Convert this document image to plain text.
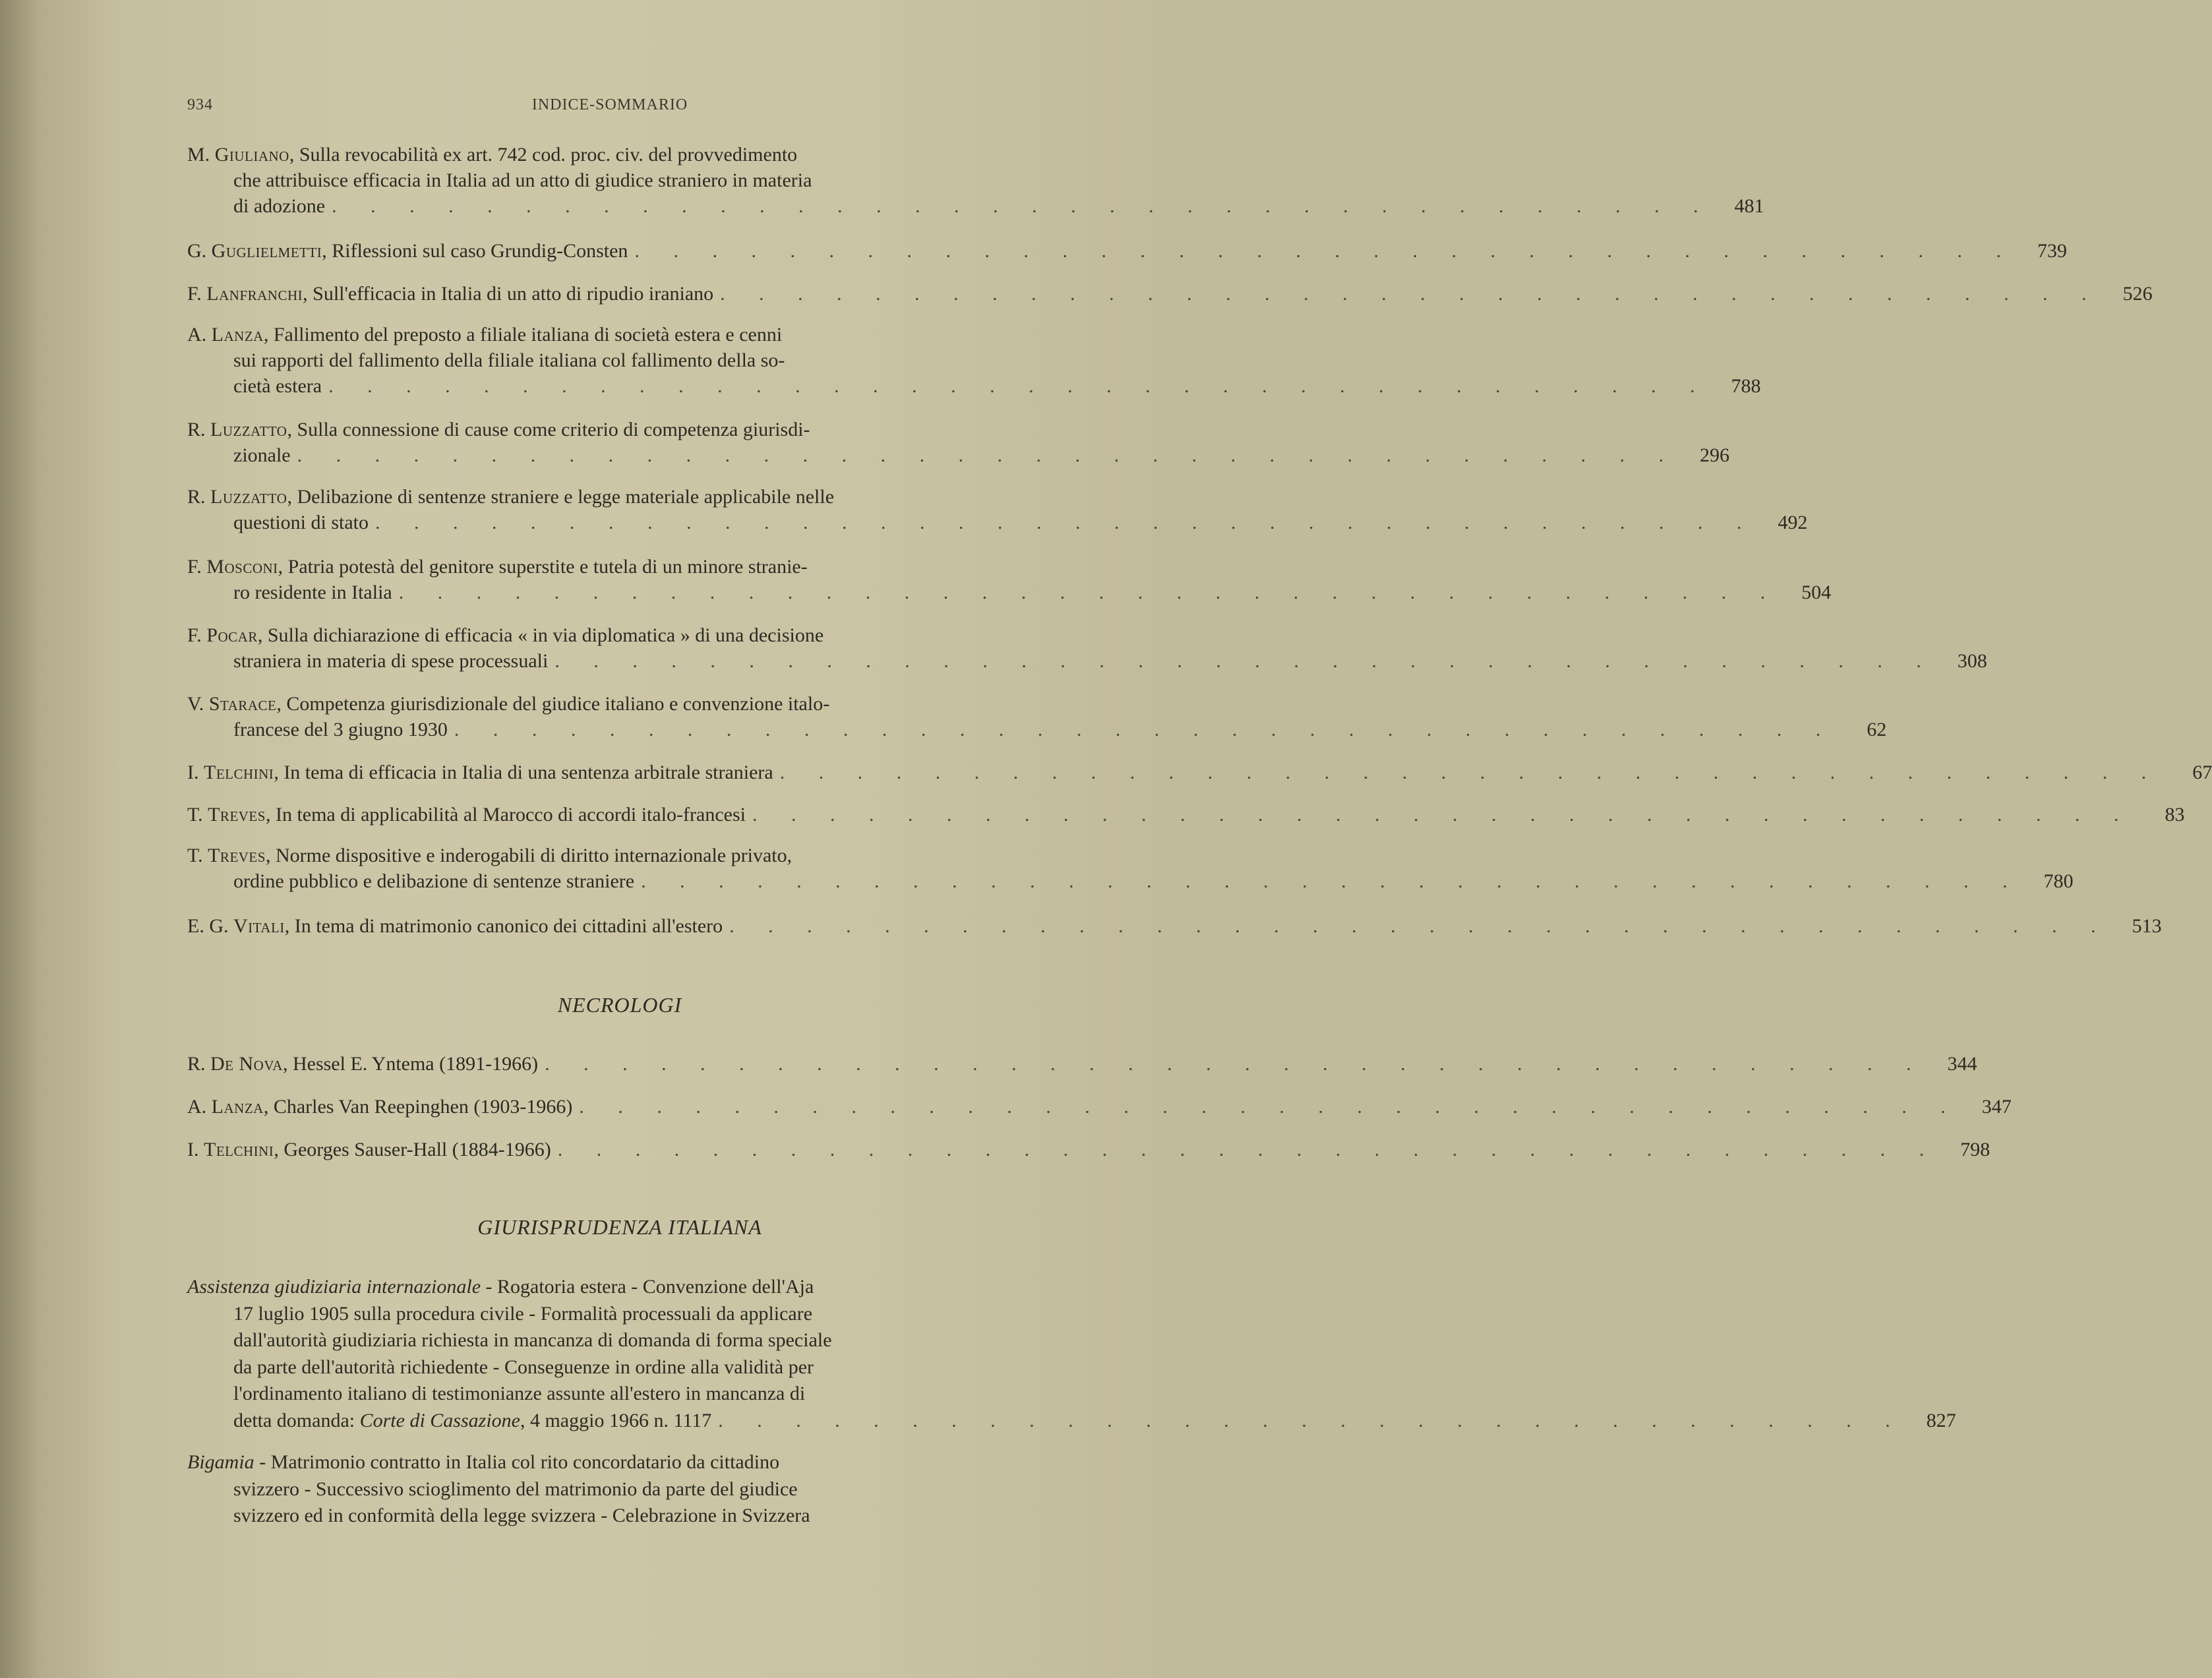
934	INDICE-SOMMARIO
M. Giuliano, Sulla revocabilità ex art. 742 cod. proc. civ. del provvedimento
che attribuisce efficacia in Italia ad un atto di giudice straniero in materia
di adozione . . . . . . . . . . . . . . . . . . . . . . . . . . . . . . . . . . . .	481
G. Guglielmetti, Riflessioni sul caso Grundig-Consten . . . . . . . . . . . . . . . . . . . . . . . . . . . . . . . . . . . .	739
F. Lanfranchi, Sull'efficacia in Italia di un atto di ripudio iraniano . . . . . . . . . . . . . . . . . . . . . . . . . . . . . . . . . . . .	526
A. Lanza, Fallimento del preposto a filiale italiana di società estera e cenni
sui rapporti del fallimento della filiale italiana col fallimento della so-
cietà estera . . . . . . . . . . . . . . . . . . . . . . . . . . . . . . . . . . . .	788
R. Luzzatto, Sulla connessione di cause come criterio di competenza giurisdi-
zionale . . . . . . . . . . . . . . . . . . . . . . . . . . . . . . . . . . . .	296
R. Luzzatto, Delibazione di sentenze straniere e legge materiale applicabile nelle
questioni di stato . . . . . . . . . . . . . . . . . . . . . . . . . . . . . . . . . . . .	492
F. Mosconi, Patria potestà del genitore superstite e tutela di un minore stranie-
ro residente in Italia . . . . . . . . . . . . . . . . . . . . . . . . . . . . . . . . . . . .	504
F. Pocar, Sulla dichiarazione di efficacia « in via diplomatica » di una decisione
straniera in materia di spese processuali . . . . . . . . . . . . . . . . . . . . . . . . . . . . . . . . . . . .	308
V. Starace, Competenza giurisdizionale del giudice italiano e convenzione italo-
francese del 3 giugno 1930 . . . . . . . . . . . . . . . . . . . . . . . . . . . . . . . . . . . .	62
I. Telchini, In tema di efficacia in Italia di una sentenza arbitrale straniera . . . . . . . . . . . . . . . . . . . . . . . . . . . . . . . . . . . .	67
T. Treves, In tema di applicabilità al Marocco di accordi italo-francesi . . . . . . . . . . . . . . . . . . . . . . . . . . . . . . . . . . . .	83
T. Treves, Norme dispositive e inderogabili di diritto internazionale privato,
ordine pubblico e delibazione di sentenze straniere . . . . . . . . . . . . . . . . . . . . . . . . . . . . . . . . . . . .	780
E. G. Vitali, In tema di matrimonio canonico dei cittadini all'estero . . . . . . . . . . . . . . . . . . . . . . . . . . . . . . . . . . . .	513
NECROLOGI
R. De Nova, Hessel E. Yntema (1891-1966) . . . . . . . . . . . . . . . . . . . . . . . . . . . . . . . . . . . .	344
A. Lanza, Charles Van Reepinghen (1903-1966) . . . . . . . . . . . . . . . . . . . . . . . . . . . . . . . . . . . .	347
I. Telchini, Georges Sauser-Hall (1884-1966) . . . . . . . . . . . . . . . . . . . . . . . . . . . . . . . . . . . .	798
GIURISPRUDENZA ITALIANA
Assistenza giudiziaria internazionale - Rogatoria estera - Convenzione dell'Aja
17 luglio 1905 sulla procedura civile - Formalità processuali da applicare
dall'autorità giudiziaria richiesta in mancanza di domanda di forma speciale
da parte dell'autorità richiedente - Conseguenze in ordine alla validità per
l'ordinamento italiano di testimonianze assunte all'estero in mancanza di
detta domanda: Corte di Cassazione, 4 maggio 1966 n. 1117 . . . . . . . . . . . . . . . . . . . . . . . . . . . . . . .	827
Bigamia - Matrimonio contratto in Italia col rito concordatario da cittadino
svizzero - Successivo scioglimento del matrimonio da parte del giudice
svizzero ed in conformità della legge svizzera - Celebrazione in Svizzera
